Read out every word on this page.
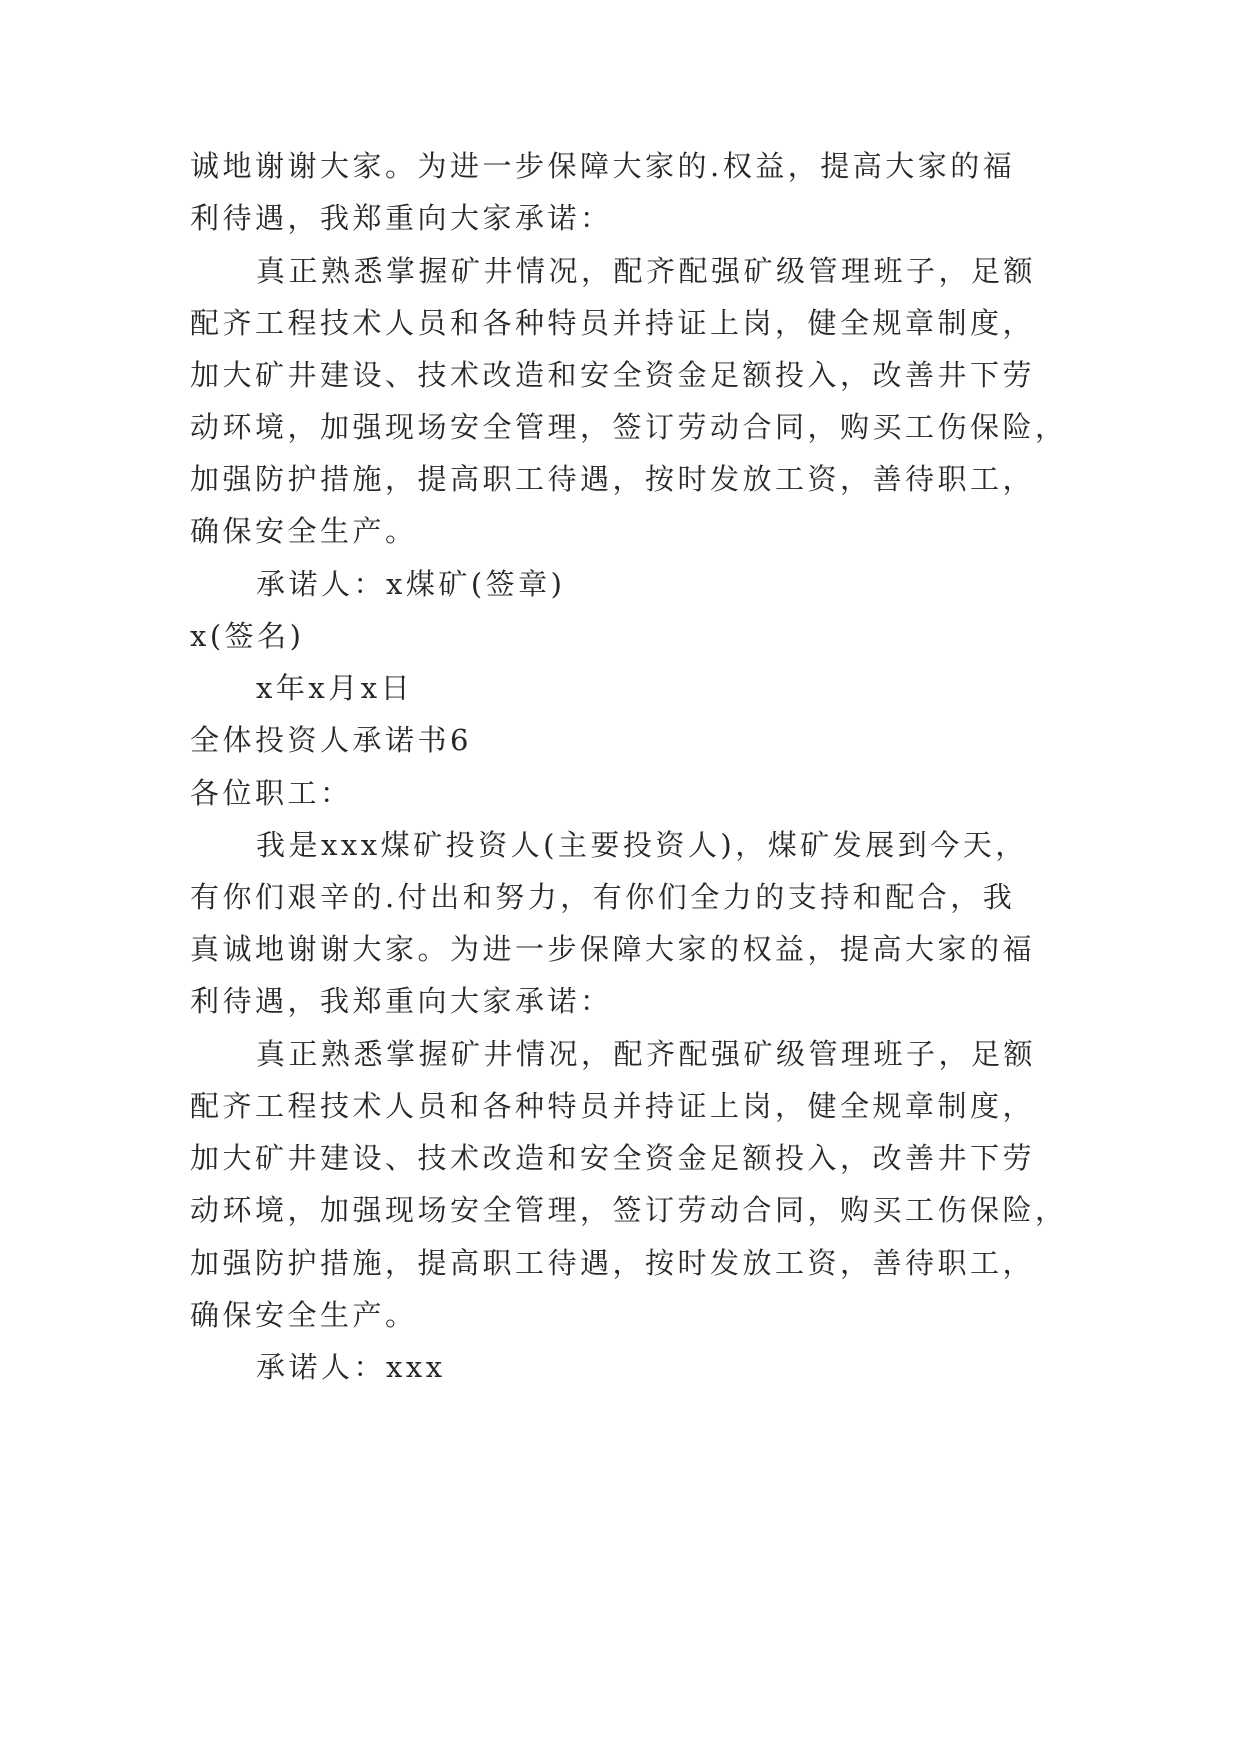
诚地谢谢大家。为进一步保障大家的.权益，提高大家的福
利待遇，我郑重向大家承诺：
真正熟悉掌握矿井情况，配齐配强矿级管理班子，足额
配齐工程技术人员和各种特员并持证上岗，健全规章制度，
加大矿井建设、技术改造和安全资金足额投入，改善井下劳
动环境，加强现场安全管理，签订劳动合同，购买工伤保险，
加强防护措施，提高职工待遇，按时发放工资，善待职工，
确保安全生产。
承诺人：x煤矿(签章)
x(签名)
x年x月x日
全体投资人承诺书6
各位职工：
我是xxx煤矿投资人(主要投资人)，煤矿发展到今天，
有你们艰辛的.付出和努力，有你们全力的支持和配合，我
真诚地谢谢大家。为进一步保障大家的权益，提高大家的福
利待遇，我郑重向大家承诺：
真正熟悉掌握矿井情况，配齐配强矿级管理班子，足额
配齐工程技术人员和各种特员并持证上岗，健全规章制度，
加大矿井建设、技术改造和安全资金足额投入，改善井下劳
动环境，加强现场安全管理，签订劳动合同，购买工伤保险，
加强防护措施，提高职工待遇，按时发放工资，善待职工，
确保安全生产。
承诺人：xxx
